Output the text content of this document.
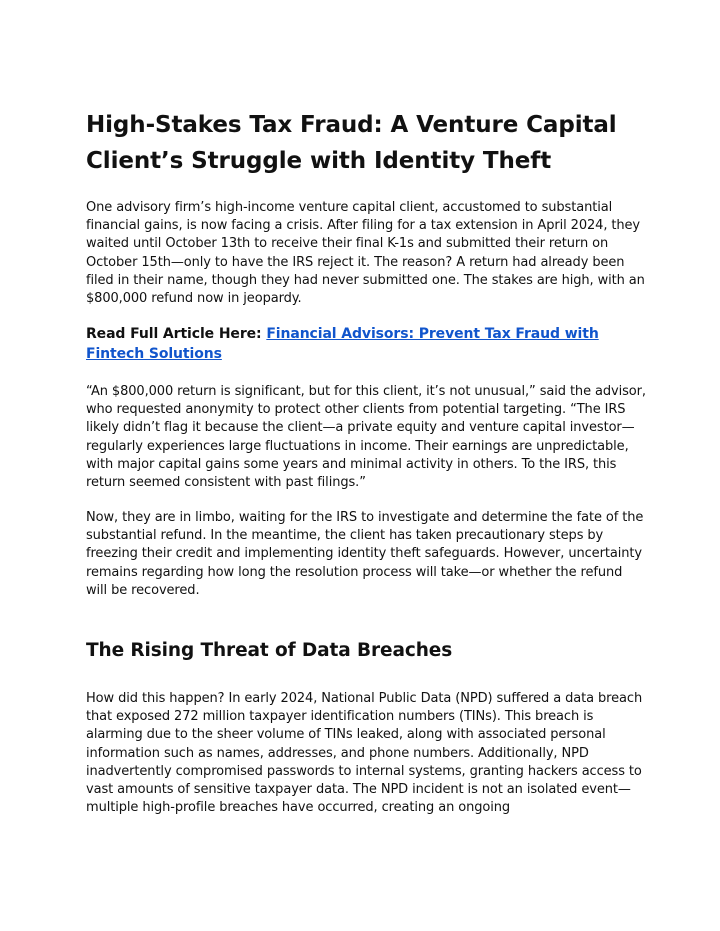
High-Stakes Tax Fraud: A Venture Capital Client’s Struggle with Identity Theft

One advisory firm’s high-income venture capital client, accustomed to substantial financial gains, is now facing a crisis. After filing for a tax extension in April 2024, they waited until October 13th to receive their final K-1s and submitted their return on October 15th—only to have the IRS reject it. The reason? A return had already been filed in their name, though they had never submitted one. The stakes are high, with an $800,000 refund now in jeopardy.

Read Full Article Here: Financial Advisors: Prevent Tax Fraud with Fintech Solutions

“An $800,000 return is significant, but for this client, it’s not unusual,” said the advisor, who requested anonymity to protect other clients from potential targeting. “The IRS likely didn’t flag it because the client—a private equity and venture capital investor—regularly experiences large fluctuations in income. Their earnings are unpredictable, with major capital gains some years and minimal activity in others. To the IRS, this return seemed consistent with past filings.”

Now, they are in limbo, waiting for the IRS to investigate and determine the fate of the substantial refund. In the meantime, the client has taken precautionary steps by freezing their credit and implementing identity theft safeguards. However, uncertainty remains regarding how long the resolution process will take—or whether the refund will be recovered.

The Rising Threat of Data Breaches

How did this happen? In early 2024, National Public Data (NPD) suffered a data breach that exposed 272 million taxpayer identification numbers (TINs). This breach is alarming due to the sheer volume of TINs leaked, along with associated personal information such as names, addresses, and phone numbers. Additionally, NPD inadvertently compromised passwords to internal systems, granting hackers access to vast amounts of sensitive taxpayer data. The NPD incident is not an isolated event—multiple high-profile breaches have occurred, creating an ongoing
